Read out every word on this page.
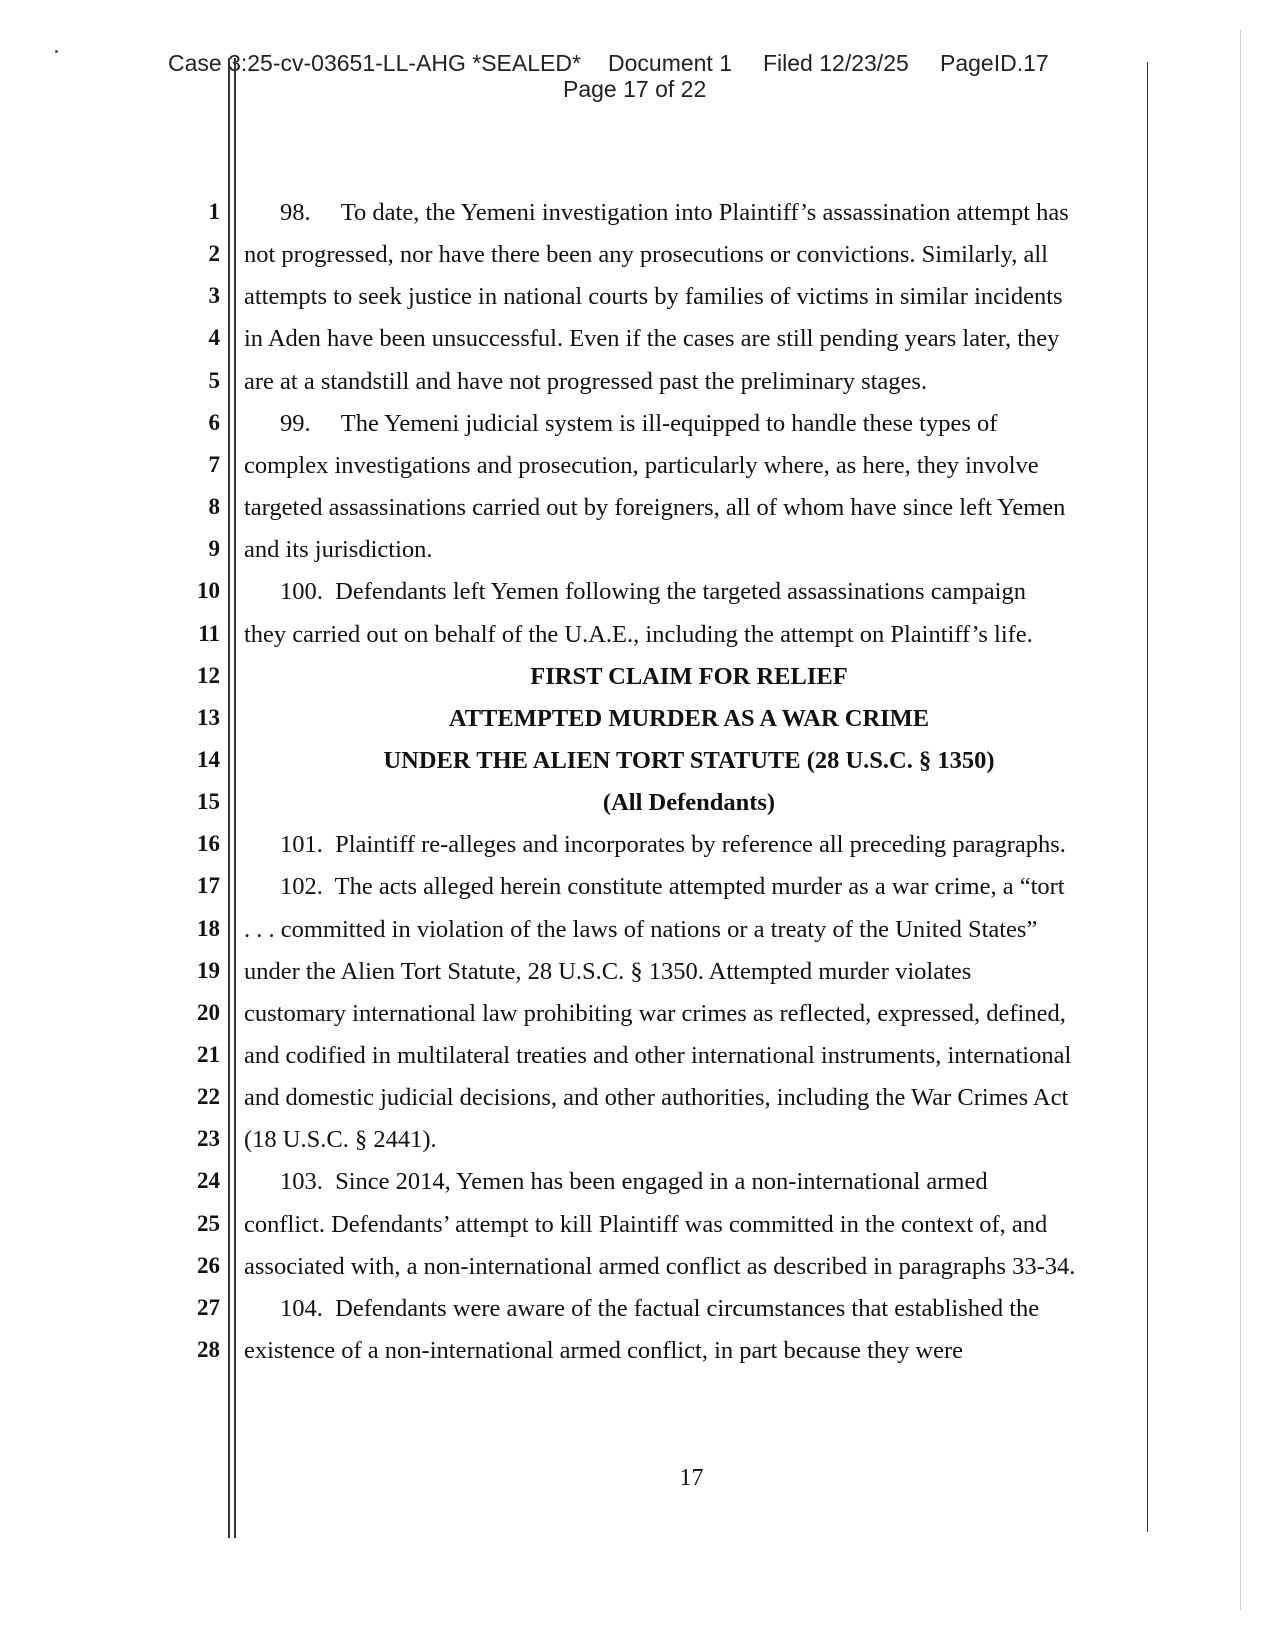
Case 3:25-cv-03651-LL-AHG *SEALED* Document 1 Filed 12/23/25 PageID.17
Page 17 of 22
1 98.     To date, the Yemeni investigation into Plaintiff’s assassination attempt has
2 not progressed, nor have there been any prosecutions or convictions. Similarly, all
3 attempts to seek justice in national courts by families of victims in similar incidents
4 in Aden have been unsuccessful. Even if the cases are still pending years later, they
5 are at a standstill and have not progressed past the preliminary stages.
6 99.     The Yemeni judicial system is ill-equipped to handle these types of
7 complex investigations and prosecution, particularly where, as here, they involve
8 targeted assassinations carried out by foreigners, all of whom have since left Yemen
9 and its jurisdiction.
10 100.  Defendants left Yemen following the targeted assassinations campaign
11 they carried out on behalf of the U.A.E., including the attempt on Plaintiff’s life.
12	FIRST CLAIM FOR RELIEF
13	ATTEMPTED MURDER AS A WAR CRIME
14	UNDER THE ALIEN TORT STATUTE (28 U.S.C. § 1350)
15	(All Defendants)
16 101.  Plaintiff re-alleges and incorporates by reference all preceding paragraphs.
17 102.  The acts alleged herein constitute attempted murder as a war crime, a “tort
18 . . . committed in violation of the laws of nations or a treaty of the United States”
19 under the Alien Tort Statute, 28 U.S.C. § 1350. Attempted murder violates
20 customary international law prohibiting war crimes as reflected, expressed, defined,
21 and codified in multilateral treaties and other international instruments, international
22 and domestic judicial decisions, and other authorities, including the War Crimes Act
23 (18 U.S.C. § 2441).
24 103.  Since 2014, Yemen has been engaged in a non-international armed
25 conflict. Defendants’ attempt to kill Plaintiff was committed in the context of, and
26 associated with, a non-international armed conflict as described in paragraphs 33-34.
27 104.  Defendants were aware of the factual circumstances that established the
28 existence of a non-international armed conflict, in part because they were
17
